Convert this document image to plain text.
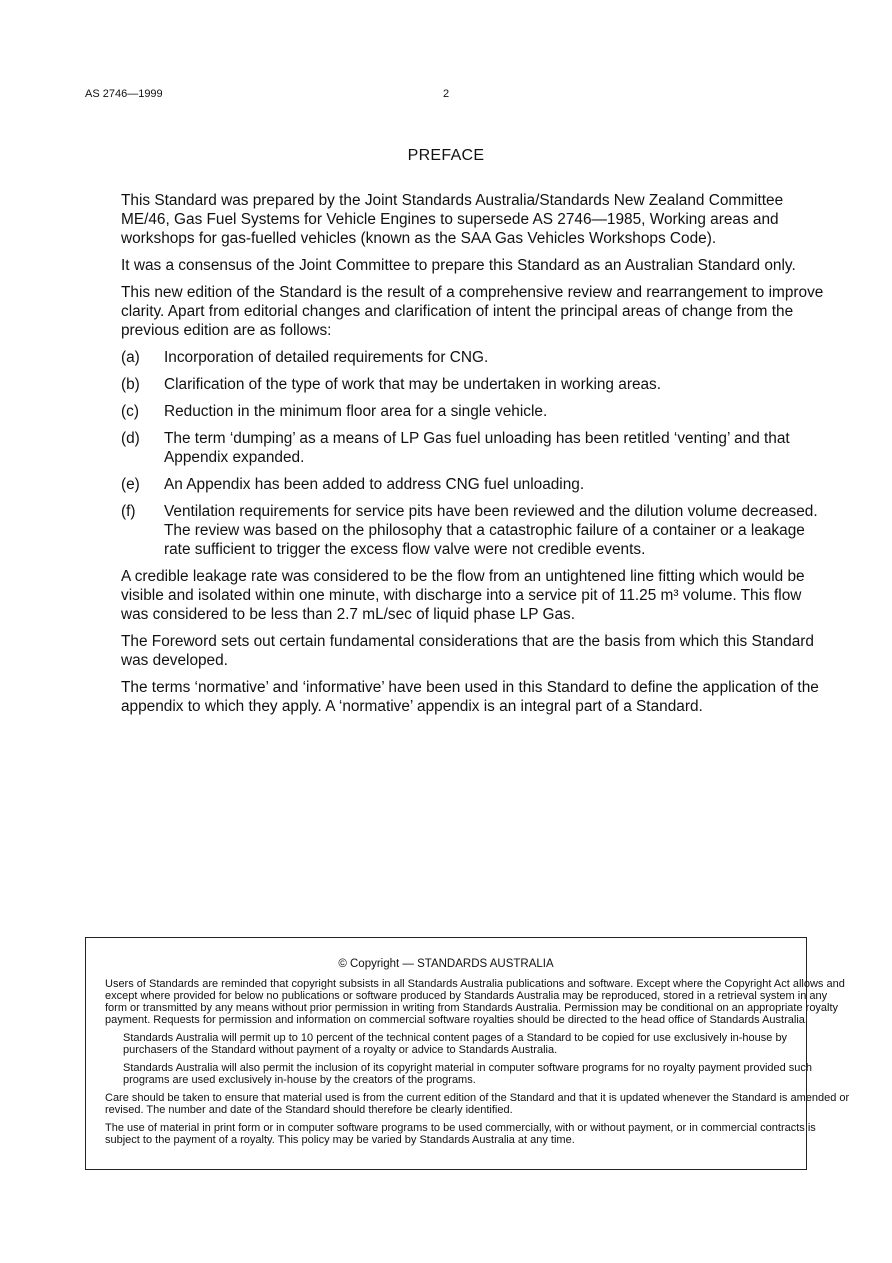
AS 2746—1999	2
PREFACE

This Standard was prepared by the Joint Standards Australia/Standards New Zealand Committee ME/46, Gas Fuel Systems for Vehicle Engines to supersede AS 2746—1985, Working areas and workshops for gas-fuelled vehicles (known as the SAA Gas Vehicles Workshops Code).

It was a consensus of the Joint Committee to prepare this Standard as an Australian Standard only.

This new edition of the Standard is the result of a comprehensive review and rearrangement to improve clarity. Apart from editorial changes and clarification of intent the principal areas of change from the previous edition are as follows:

(a)	Incorporation of detailed requirements for CNG.
(b)	Clarification of the type of work that may be undertaken in working areas.
(c)	Reduction in the minimum floor area for a single vehicle.
(d)	The term ‘dumping’ as a means of LP Gas fuel unloading has been retitled ‘venting’ and that Appendix expanded.
(e)	An Appendix has been added to address CNG fuel unloading.
(f)	Ventilation requirements for service pits have been reviewed and the dilution volume decreased. The review was based on the philosophy that a catastrophic failure of a container or a leakage rate sufficient to trigger the excess flow valve were not credible events.

A credible leakage rate was considered to be the flow from an untightened line fitting which would be visible and isolated within one minute, with discharge into a service pit of 11.25 m³ volume. This flow was considered to be less than 2.7 mL/sec of liquid phase LP Gas.

The Foreword sets out certain fundamental considerations that are the basis from which this Standard was developed.

The terms ‘normative’ and ‘informative’ have been used in this Standard to define the application of the appendix to which they apply. A ‘normative’ appendix is an integral part of a Standard.

© Copyright — STANDARDS AUSTRALIA

Users of Standards are reminded that copyright subsists in all Standards Australia publications and software. Except where the Copyright Act allows and except where provided for below no publications or software produced by Standards Australia may be reproduced, stored in a retrieval system in any form or transmitted by any means without prior permission in writing from Standards Australia. Permission may be conditional on an appropriate royalty payment. Requests for permission and information on commercial software royalties should be directed to the head office of Standards Australia.

Standards Australia will permit up to 10 percent of the technical content pages of a Standard to be copied for use exclusively in-house by purchasers of the Standard without payment of a royalty or advice to Standards Australia.

Standards Australia will also permit the inclusion of its copyright material in computer software programs for no royalty payment provided such programs are used exclusively in-house by the creators of the programs.

Care should be taken to ensure that material used is from the current edition of the Standard and that it is updated whenever the Standard is amended or revised. The number and date of the Standard should therefore be clearly identified.

The use of material in print form or in computer software programs to be used commercially, with or without payment, or in commercial contracts is subject to the payment of a royalty. This policy may be varied by Standards Australia at any time.
